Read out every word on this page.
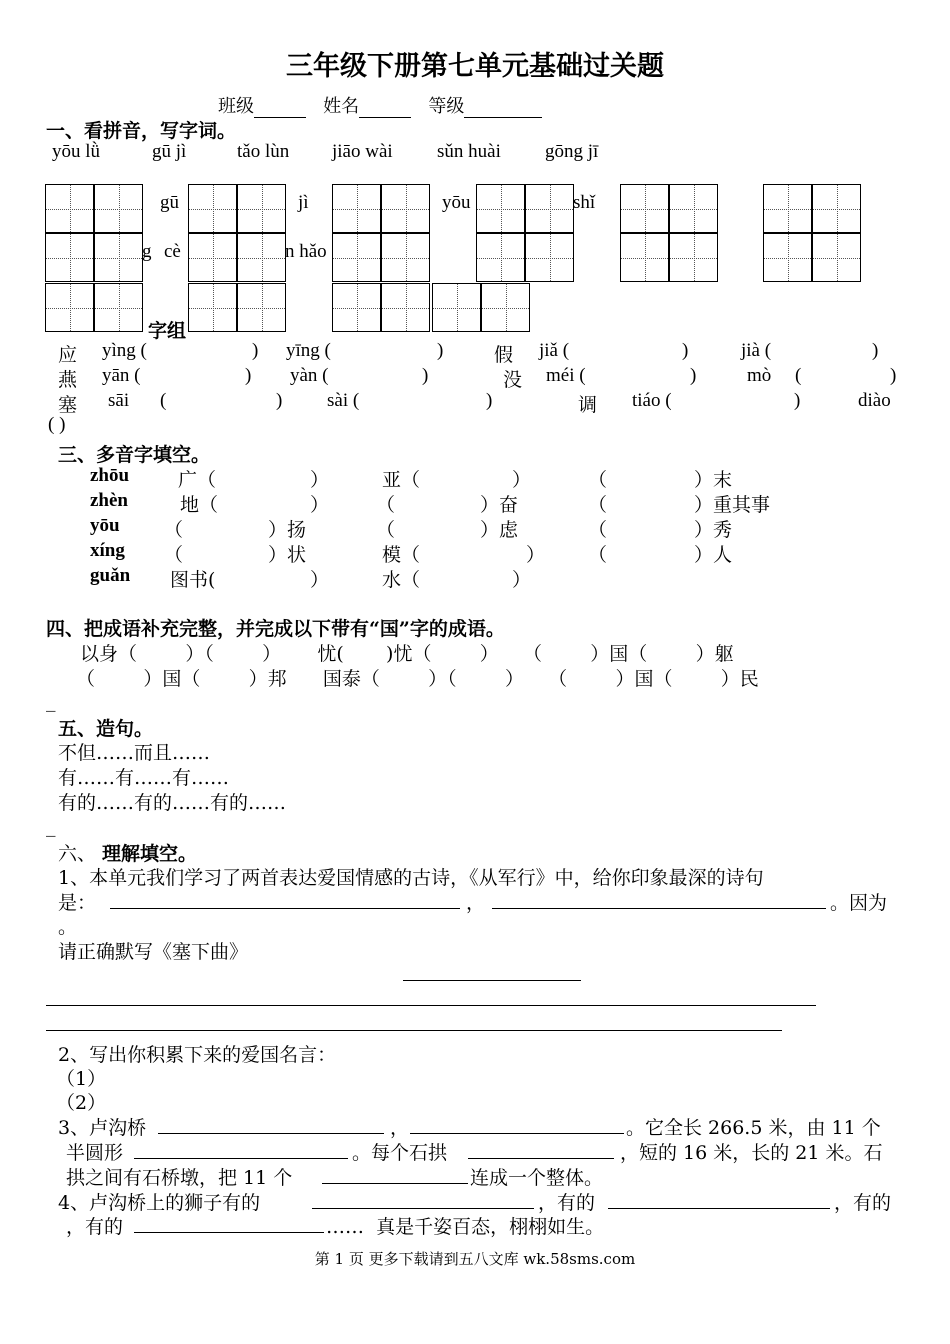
三年级下册第七单元基础过关题
班级	姓名	等级
一、看拼音，写字词。
yōu lǜ	gū jì	tǎo lùn jiāo wài sǔn huài gōng jī
gū	jì	yōu	shǐ
g cè	n hǎo
字组
应 yìng (	) yīng (	)	假 jiǎ (	)	jià (	)
燕 yān (	) yàn (	)	没 méi (	)	mò (	)
塞 sāi (	) sài (	)	调 tiáo (	)	diào
( )
三、多音字填空。
zhōu	广（	）	亚（	）	（	）末
zhèn	地（	） （	）奋	（	）重其事
yōu （	）扬	（	）虑	（	）秀
xíng （	）状	模（	） （	）人
guǎn 图书(	）	水（	）
四、把成语补充完整，并完成以下带有“国”字的成语。
以身（        ）（        ）      忧(       )忧（        ）    （        ）国（        ）躯
（        ）国（        ）邦      国泰（        ）（        ）    （        ）国（        ）民
_
五、造句。
不但……而且……
有……有……有……
有的……有的……有的……
_
六、 理解填空。
1、本单元我们学习了两首表达爱国情感的古诗，《从军行》中，给你印象最深的诗句
是：	，	。因为
。
请正确默写《塞下曲》
2、写出你积累下来的爱国名言：
（1）
（2）
3、卢沟桥	，	。它全长 266.5 米，由 11 个
半圆形	。每个石拱	，短的 16 米，长的 21 米。石
拱之间有石桥墩，把 11 个	连成一个整体。
4、卢沟桥上的狮子有的	，有的	，有的
，有的	……  真是千姿百态，栩栩如生。
第 1 页 更多下载请到五八文库 wk.58sms.com
